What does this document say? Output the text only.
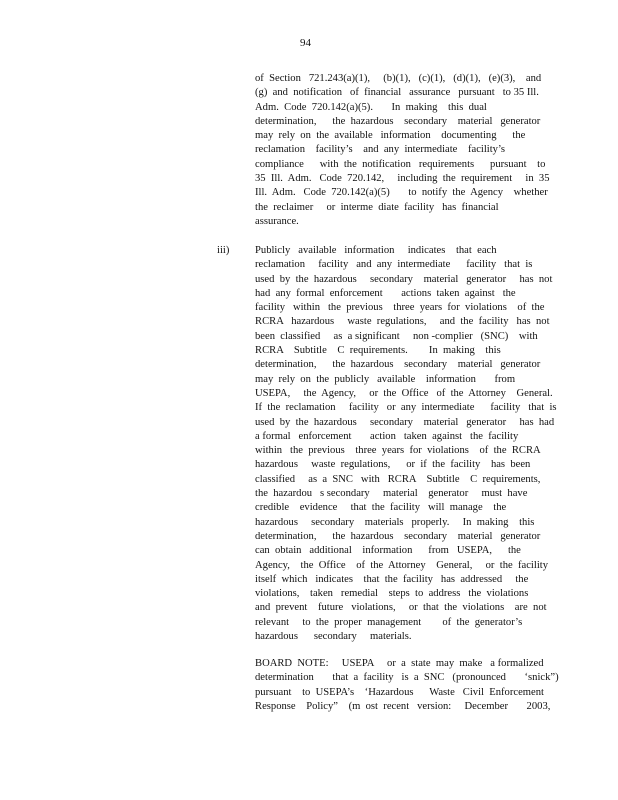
94
of  Section   721.243(a)(1),     (b)(1),   (c)(1),   (d)(1),   (e)(3),    and
(g)  and  notification   of  financial   assurance   pursuant   to 35 Ill.
Adm.  Code  720.142(a)(5).       In  making    this  dual
determination,      the  hazardous    secondary    material   generator
may  rely  on  the  available   information    documenting      the
reclamation    facility’s    and  any  intermediate    facility’s
compliance      with  the  notification   requirements      pursuant    to
35  Ill.  Adm.   Code  720.142,     including  the  requirement     in  35
Ill.  Adm.   Code  720.142(a)(5)       to  notify  the  Agency    whether
the  reclaimer     or  interme  diate  facility   has  financial
assurance.
iii) Publicly   available   information     indicates    that  each
reclamation     facility   and  any  intermediate      facility   that  is
used  by  the  hazardous     secondary    material   generator     has  not
had  any  formal  enforcement       actions  taken  against   the
facility   within   the  previous    three  years  for  violations    of  the
RCRA   hazardous     waste  regulations,     and  the  facility   has  not
been  classified     as  a significant     non -complier   (SNC)    with
RCRA    Subtitle    C  requirements.        In  making    this
determination,      the  hazardous    secondary    material   generator
may  rely  on  the  publicly   available    information       from
USEPA,     the  Agency,     or  the  Office   of  the  Attorney    General.
If  the  reclamation     facility   or  any  intermediate      facility   that  is
used  by  the  hazardous     secondary    material   generator     has  had
a formal   enforcement       action   taken  against   the  facility
within   the  previous    three  years  for  violations    of  the  RCRA
hazardous     waste  regulations,      or  if  the  facility    has  been
classified     as  a  SNC   with   RCRA    Subtitle    C  requirements,
the  hazardou   s secondary     material    generator     must  have
credible    evidence     that  the  facility   will  manage    the
hazardous     secondary    materials   properly.     In  making    this
determination,      the  hazardous    secondary    material   generator
can  obtain   additional    information      from   USEPA,      the
Agency,    the  Office    of  the  Attorney    General,     or  the  facility
itself  which   indicates    that  the  facility   has  addressed     the
violations,    taken   remedial    steps  to  address   the  violations
and  prevent    future   violations,     or  that  the  violations    are  not
relevant     to  the  proper  management        of  the  generator’s
hazardous      secondary     materials.
BOARD  NOTE:     USEPA     or  a  state  may  make   a formalized
determination       that  a  facility   is  a  SNC   (pronounced       ‘snick”)
pursuant    to  USEPA’s    ‘Hazardous      Waste   Civil  Enforcement
Response    Policy”    (m  ost  recent   version:     December       2003,
